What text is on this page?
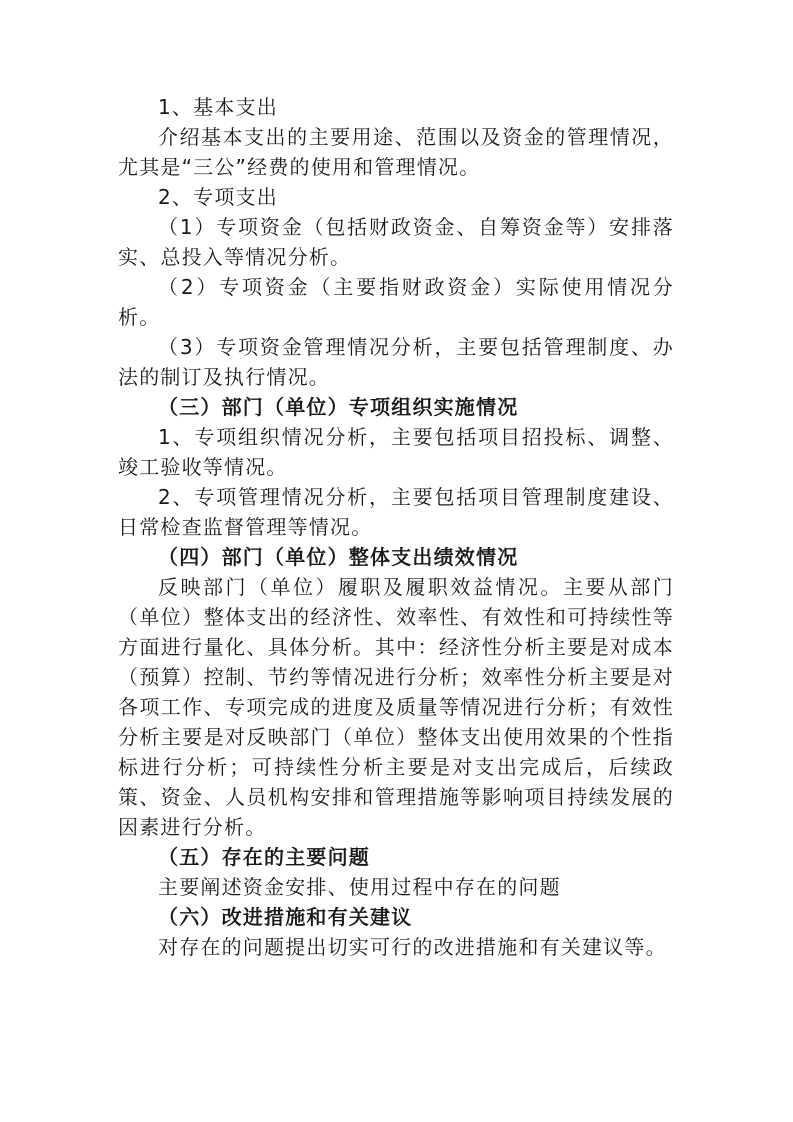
1、基本支出

介绍基本支出的主要用途、范围以及资金的管理情况，尤其是“三公”经费的使用和管理情况。

2、专项支出

（1）专项资金（包括财政资金、自筹资金等）安排落实、总投入等情况分析。

（2）专项资金（主要指财政资金）实际使用情况分析。

（3）专项资金管理情况分析，主要包括管理制度、办法的制订及执行情况。

（三）部门（单位）专项组织实施情况

1、专项组织情况分析，主要包括项目招投标、调整、竣工验收等情况。

2、专项管理情况分析，主要包括项目管理制度建设、日常检查监督管理等情况。

（四）部门（单位）整体支出绩效情况

反映部门（单位）履职及履职效益情况。主要从部门（单位）整体支出的经济性、效率性、有效性和可持续性等方面进行量化、具体分析。其中：经济性分析主要是对成本（预算）控制、节约等情况进行分析；效率性分析主要是对各项工作、专项完成的进度及质量等情况进行分析；有效性分析主要是对反映部门（单位）整体支出使用效果的个性指标进行分析；可持续性分析主要是对支出完成后，后续政策、资金、人员机构安排和管理措施等影响项目持续发展的因素进行分析。

（五）存在的主要问题

主要阐述资金安排、使用过程中存在的问题

（六）改进措施和有关建议

对存在的问题提出切实可行的改进措施和有关建议等。
